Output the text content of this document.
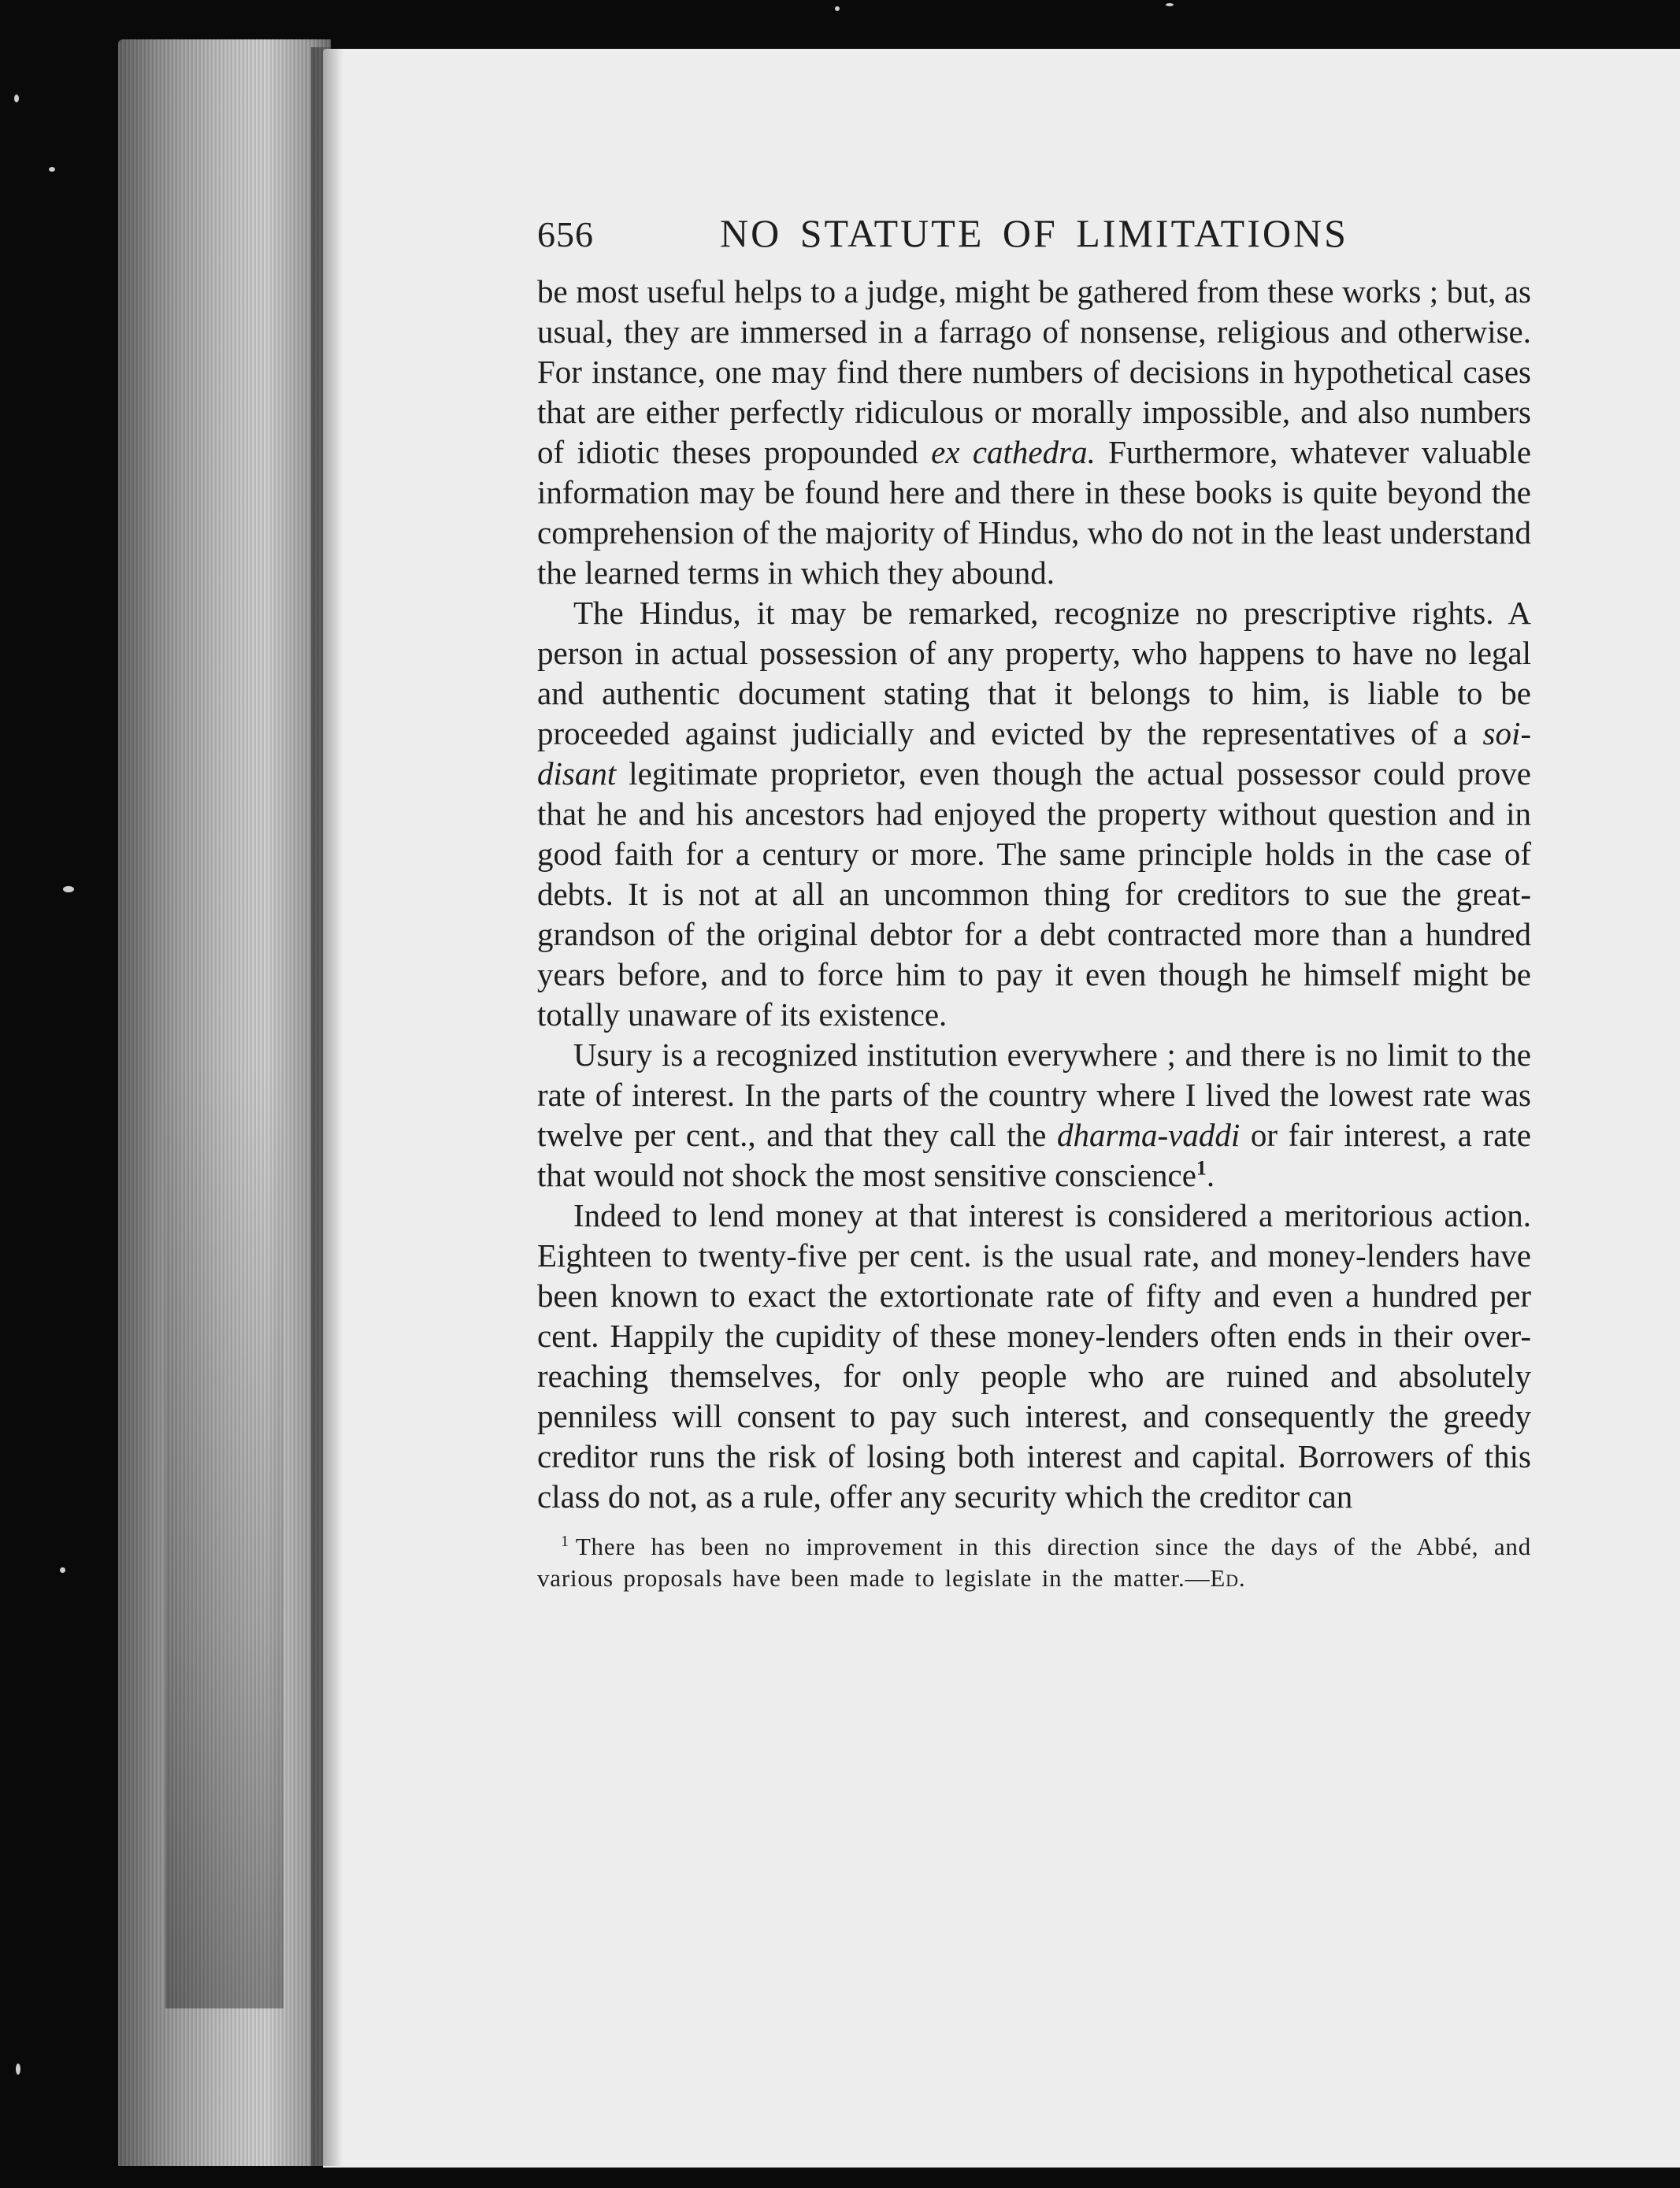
656	NO STATUTE OF LIMITATIONS

be most useful helps to a judge, might be gathered from these works ; but, as usual, they are immersed in a farrago of nonsense, religious and otherwise. For instance, one may find there numbers of decisions in hypothetical cases that are either perfectly ridiculous or morally impossible, and also numbers of idiotic theses propounded ex cathedra. Furthermore, whatever valuable information may be found here and there in these books is quite beyond the comprehension of the majority of Hindus, who do not in the least understand the learned terms in which they abound.

The Hindus, it may be remarked, recognize no prescriptive rights. A person in actual possession of any property, who happens to have no legal and authentic document stating that it belongs to him, is liable to be proceeded against judicially and evicted by the representatives of a soi-disant legitimate proprietor, even though the actual possessor could prove that he and his ancestors had enjoyed the property without question and in good faith for a century or more. The same principle holds in the case of debts. It is not at all an uncommon thing for creditors to sue the great-grandson of the original debtor for a debt contracted more than a hundred years before, and to force him to pay it even though he himself might be totally unaware of its existence.

Usury is a recognized institution everywhere ; and there is no limit to the rate of interest. In the parts of the country where I lived the lowest rate was twelve per cent., and that they call the dharma-vaddi or fair interest, a rate that would not shock the most sensitive conscience$^1$.

Indeed to lend money at that interest is considered a meritorious action. Eighteen to twenty-five per cent. is the usual rate, and money-lenders have been known to exact the extortionate rate of fifty and even a hundred per cent. Happily the cupidity of these money-lenders often ends in their over-reaching themselves, for only people who are ruined and absolutely penniless will consent to pay such interest, and consequently the greedy creditor runs the risk of losing both interest and capital. Borrowers of this class do not, as a rule, offer any security which the creditor can

$^1$ There has been no improvement in this direction since the days of the Abbé, and various proposals have been made to legislate in the matter.—Ed.
